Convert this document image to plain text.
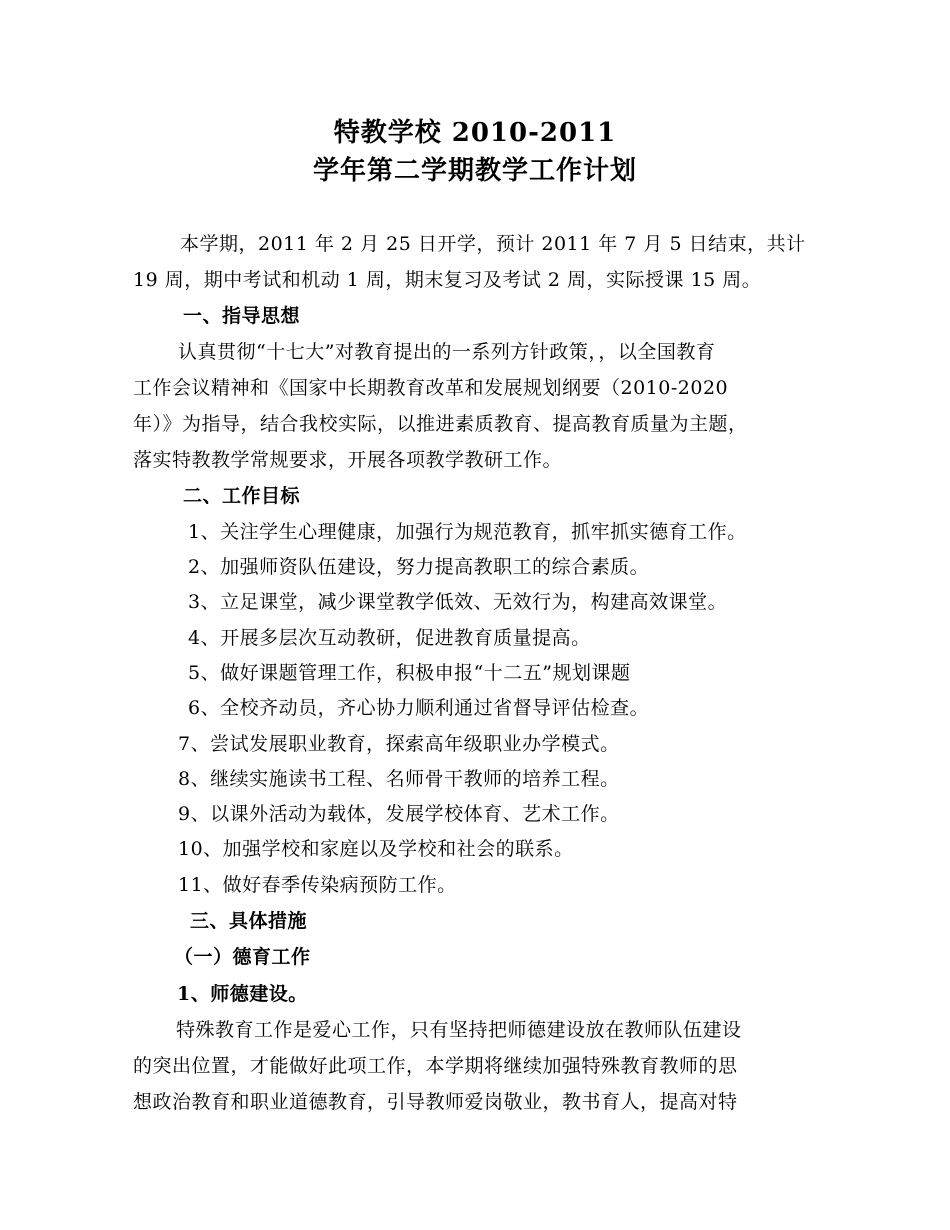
特教学校 2010-2011
学年第二学期教学工作计划
本学期，2011 年 2 月 25 日开学，预计 2011 年 7 月 5 日结束，共计
19 周，期中考试和机动 1 周，期末复习及考试 2 周，实际授课 15 周。
一、指导思想
认真贯彻“十七大”对教育提出的一系列方针政策，，以全国教育
工作会议精神和《国家中长期教育改革和发展规划纲要（2010-2020
年）》为指导，结合我校实际，以推进素质教育、提高教育质量为主题，
落实特教教学常规要求，开展各项教学教研工作。
二、工作目标
1、关注学生心理健康，加强行为规范教育，抓牢抓实德育工作。
2、加强师资队伍建设，努力提高教职工的综合素质。
3、立足课堂，减少课堂教学低效、无效行为，构建高效课堂。
4、开展多层次互动教研，促进教育质量提高。
5、做好课题管理工作，积极申报“十二五”规划课题
6、全校齐动员，齐心协力顺利通过省督导评估检查。
7、尝试发展职业教育，探索高年级职业办学模式。
8、继续实施读书工程、名师骨干教师的培养工程。
9、以课外活动为载体，发展学校体育、艺术工作。
10、加强学校和家庭以及学校和社会的联系。
11、做好春季传染病预防工作。
三、具体措施
（一）德育工作
1、师德建设。
特殊教育工作是爱心工作，只有坚持把师德建设放在教师队伍建设
的突出位置，才能做好此项工作，本学期将继续加强特殊教育教师的思
想政治教育和职业道德教育，引导教师爱岗敬业，教书育人，提高对特
